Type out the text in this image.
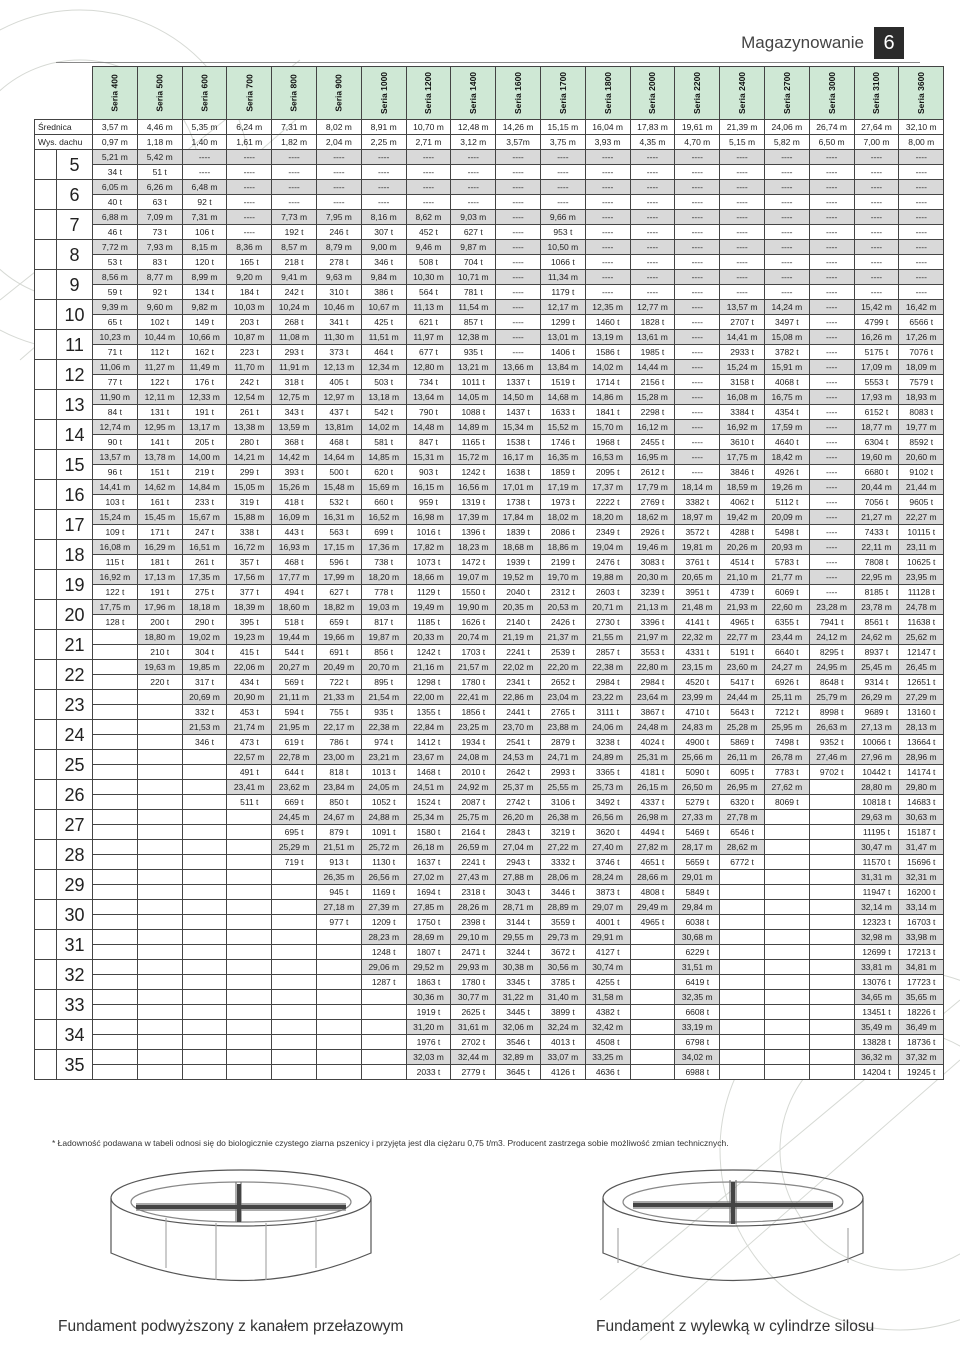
Magazynowanie 6
		Seria 400	Seria 500	Seria 600	Seria 700	Seria 800	Seria 900	Seria 1000	Seria 1200	Seria 1400	Seria 1600	Seria 1700	Seria 1800	Seria 2000	Seria 2200	Seria 2400	Seria 2700	Seria 3000	Seria 3100	Seria 3600
Średnica		3,57 m	4,46 m	5,35 m	6,24 m	7,31 m	8,02 m	8,91 m	10,70 m	12,48 m	14,26 m	15,15 m	16,04 m	17,83 m	19,61 m	21,39 m	24,06 m	26,74 m	27,64 m	32,10 m
Wys. dachu		0,97 m	1,18 m	1,40 m	1,61 m	1,82 m	2,04 m	2,25 m	2,71 m	3,12 m	3,57m	3,75 m	3,93 m	4,35 m	4,70 m	5,15 m	5,82 m	6,50 m	7,00 m	8,00 m
	5	5,21 m	5,42 m	----	----	----	----	----	----	----	----	----	----	----	----	----	----	----	----	----
		34 t	51 t	----	----	----	----	----	----	----	----	----	----	----	----	----	----	----	----	----
	6	6,05 m	6,26 m	6,48 m	----	----	----	----	----	----	----	----	----	----	----	----	----	----	----	----
		40 t	63 t	92 t	----	----	----	----	----	----	----	----	----	----	----	----	----	----	----	----
	7	6,88 m	7,09 m	7,31 m	----	7,73 m	7,95 m	8,16 m	8,62 m	9,03 m	----	9,66 m	----	----	----	----	----	----	----	----
		46 t	73 t	106 t	----	192 t	246 t	307 t	452 t	627 t	----	953 t	----	----	----	----	----	----	----	----
	8	7,72 m	7,93 m	8,15 m	8,36 m	8,57 m	8,79 m	9,00 m	9,46 m	9,87 m	----	10,50 m	----	----	----	----	----	----	----	----
		53 t	83 t	120 t	165 t	218 t	278 t	346 t	508 t	704 t	----	1066 t	----	----	----	----	----	----	----	----
	9	8,56 m	8,77 m	8,99 m	9,20 m	9,41 m	9,63 m	9,84 m	10,30 m	10,71 m	----	11,34 m	----	----	----	----	----	----	----	----
		59 t	92 t	134 t	184 t	242 t	310 t	386 t	564 t	781 t	----	1179 t	----	----	----	----	----	----	----	----
	10	9,39 m	9,60 m	9,82 m	10,03 m	10,24 m	10,46 m	10,67 m	11,13 m	11,54 m	----	12,17 m	12,35 m	12,77 m	----	13,57 m	14,24 m	----	15,42 m	16,42 m
		65 t	102 t	149 t	203 t	268 t	341 t	425 t	621 t	857 t	----	1299 t	1460 t	1828 t	----	2707 t	3497 t	----	4799 t	6566 t
	11	10,23 m	10,44 m	10,66 m	10,87 m	11,08 m	11,30 m	11,51 m	11,97 m	12,38 m	----	13,01 m	13,19 m	13,61 m	----	14,41 m	15,08 m	----	16,26 m	17,26 m
		71 t	112 t	162 t	223 t	293 t	373 t	464 t	677 t	935 t	----	1406 t	1586 t	1985 t	----	2933 t	3782 t	----	5175 t	7076 t
	12	11,06 m	11,27 m	11,49 m	11,70 m	11,91 m	12,13 m	12,34 m	12,80 m	13,21 m	13,66 m	13,84 m	14,02 m	14,44 m	----	15,24 m	15,91 m	----	17,09 m	18,09 m
		77 t	122 t	176 t	242 t	318 t	405 t	503 t	734 t	1011 t	1337 t	1519 t	1714 t	2156 t	----	3158 t	4068 t	----	5553 t	7579 t
	13	11,90 m	12,11 m	12,33 m	12,54 m	12,75 m	12,97 m	13,18 m	13,64 m	14,05 m	14,50 m	14,68 m	14,86 m	15,28 m	----	16,08 m	16,75 m	----	17,93 m	18,93 m
		84 t	131 t	191 t	261 t	343 t	437 t	542 t	790 t	1088 t	1437 t	1633 t	1841 t	2298 t	----	3384 t	4354 t	----	6152 t	8083 t
	14	12,74 m	12,95 m	13,17 m	13,38 m	13,59 m	13,81m	14,02 m	14,48 m	14,89 m	15,34 m	15,52 m	15,70 m	16,12 m	----	16,92 m	17,59 m	----	18,77 m	19,77 m
		90 t	141 t	205 t	280 t	368 t	468 t	581 t	847 t	1165 t	1538 t	1746 t	1968 t	2455 t	----	3610 t	4640 t	----	6304 t	8592 t
	15	13,57 m	13,78 m	14,00 m	14,21 m	14,42 m	14,64 m	14,85 m	15,31 m	15,72 m	16,17 m	16,35 m	16,53 m	16,95 m	----	17,75 m	18,42 m	----	19,60 m	20,60 m
		96 t	151 t	219 t	299 t	393 t	500 t	620 t	903 t	1242 t	1638 t	1859 t	2095 t	2612 t	----	3846 t	4926 t	----	6680 t	9102 t
	16	14,41 m	14,62 m	14,84 m	15,05 m	15,26 m	15,48 m	15,69 m	16,15 m	16,56 m	17,01 m	17,19 m	17,37 m	17,79 m	18,14 m	18,59 m	19,26 m	----	20,44 m	21,44 m
		103 t	161 t	233 t	319 t	418 t	532 t	660 t	959 t	1319 t	1738 t	1973 t	2222 t	2769 t	3382 t	4062 t	5112 t	----	7056 t	9605 t
	17	15,24 m	15,45 m	15,67 m	15,88 m	16,09 m	16,31 m	16,52 m	16,98 m	17,39 m	17,84 m	18,02 m	18,20 m	18,62 m	18,97 m	19,42 m	20,09 m	----	21,27 m	22,27 m
		109 t	171 t	247 t	338 t	443 t	563 t	699 t	1016 t	1396 t	1839 t	2086 t	2349 t	2926 t	3572 t	4288 t	5498 t	----	7433 t	10115 t
	18	16,08 m	16,29 m	16,51 m	16,72 m	16,93 m	17,15 m	17,36 m	17,82 m	18,23 m	18,68 m	18,86 m	19,04 m	19,46 m	19,81 m	20,26 m	20,93 m	----	22,11 m	23,11 m
		115 t	181 t	261 t	357 t	468 t	596 t	738 t	1073 t	1472 t	1939 t	2199 t	2476 t	3083 t	3761 t	4514 t	5783 t	----	7808 t	10625 t
	19	16,92 m	17,13 m	17,35 m	17,56 m	17,77 m	17,99 m	18,20 m	18,66 m	19,07 m	19,52 m	19,70 m	19,88 m	20,30 m	20,65 m	21,10 m	21,77 m	----	22,95 m	23,95 m
		122 t	191 t	275 t	377 t	494 t	627 t	778 t	1129 t	1550 t	2040 t	2312 t	2603 t	3239 t	3951 t	4739 t	6069 t	----	8185 t	11128 t
	20	17,75 m	17,96 m	18,18 m	18,39 m	18,60 m	18,82 m	19,03 m	19,49 m	19,90 m	20,35 m	20,53 m	20,71 m	21,13 m	21,48 m	21,93 m	22,60 m	23,28 m	23,78 m	24,78 m
		128 t	200 t	290 t	395 t	518 t	659 t	817 t	1185 t	1626 t	2140 t	2426 t	2730 t	3396 t	4141 t	4965 t	6355 t	7941 t	8561 t	11638 t
	21		18,80 m	19,02 m	19,23 m	19,44 m	19,66 m	19,87 m	20,33 m	20,74 m	21,19 m	21,37 m	21,55 m	21,97 m	22,32 m	22,77 m	23,44 m	24,12 m	24,62 m	25,62 m
			210 t	304 t	415 t	544 t	691 t	856 t	1242 t	1703 t	2241 t	2539 t	2857 t	3553 t	4331 t	5191 t	6640 t	8295 t	8937 t	12147 t
	22		19,63 m	19,85 m	22,06 m	20,27 m	20,49 m	20,70 m	21,16 m	21,57 m	22,02 m	22,20 m	22,38 m	22,80 m	23,15 m	23,60 m	24,27 m	24,95 m	25,45 m	26,45 m
			220 t	317 t	434 t	569 t	722 t	895 t	1298 t	1780 t	2341 t	2652 t	2984 t	2984 t	4520 t	5417 t	6926 t	8648 t	9314 t	12651 t
	23			20,69 m	20,90 m	21,11 m	21,33 m	21,54 m	22,00 m	22,41 m	22,86 m	23,04 m	23,22 m	23,64 m	23,99 m	24,44 m	25,11 m	25,79 m	26,29 m	27,29 m
				332 t	453 t	594 t	755 t	935 t	1355 t	1856 t	2441 t	2765 t	3111 t	3867 t	4710 t	5643 t	7212 t	8998 t	9689 t	13160 t
	24			21,53 m	21,74 m	21,95 m	22,17 m	22,38 m	22,84 m	23,25 m	23,70 m	23,88 m	24,06 m	24,48 m	24,83 m	25,28 m	25,95 m	26,63 m	27,13 m	28,13 m
				346 t	473 t	619 t	786 t	974 t	1412 t	1934 t	2541 t	2879 t	3238 t	4024 t	4900 t	5869 t	7498 t	9352 t	10066 t	13664 t
	25				22,57 m	22,78 m	23,00 m	23,21 m	23,67 m	24,08 m	24,53 m	24,71 m	24,89 m	25,31 m	25,66 m	26,11 m	26,78 m	27,46 m	27,96 m	28,96 m
					491 t	644 t	818 t	1013 t	1468 t	2010 t	2642 t	2993 t	3365 t	4181 t	5090 t	6095 t	7783 t	9702 t	10442 t	14174 t
	26				23,41 m	23,62 m	23,84 m	24,05 m	24,51 m	24,92 m	25,37 m	25,55 m	25,73 m	26,15 m	26,50 m	26,95 m	27,62 m		28,80 m	29,80 m
					511 t	669 t	850 t	1052 t	1524 t	2087 t	2742 t	3106 t	3492 t	4337 t	5279 t	6320 t	8069 t		10818 t	14683 t
	27					24,45 m	24,67 m	24,88 m	25,34 m	25,75 m	26,20 m	26,38 m	26,56 m	26,98 m	27,33 m	27,78 m			29,63 m	30,63 m
						695 t	879 t	1091 t	1580 t	2164 t	2843 t	3219 t	3620 t	4494 t	5469 t	6546 t			11195 t	15187 t
	28					25,29 m	21,51 m	25,72 m	26,18 m	26,59 m	27,04 m	27,22 m	27,40 m	27,82 m	28,17 m	28,62 m			30,47 m	31,47 m
						719 t	913 t	1130 t	1637 t	2241 t	2943 t	3332 t	3746 t	4651 t	5659 t	6772 t			11570 t	15696 t
	29						26,35 m	26,56 m	27,02 m	27,43 m	27,88 m	28,06 m	28,24 m	28,66 m	29,01 m				31,31 m	32,31 m
							945 t	1169 t	1694 t	2318 t	3043 t	3446 t	3873 t	4808 t	5849 t				11947 t	16200 t
	30						27,18 m	27,39 m	27,85 m	28,26 m	28,71 m	28,89 m	29,07 m	29,49 m	29,84 m				32,14 m	33,14 m
							977 t	1209 t	1750 t	2398 t	3144 t	3559 t	4001 t	4965 t	6038 t				12323 t	16703 t
	31							28,23 m	28,69 m	29,10 m	29,55 m	29,73 m	29,91 m		30,68 m				32,98 m	33,98 m
								1248 t	1807 t	2471 t	3244 t	3672 t	4127 t		6229 t				12699 t	17213 t
	32							29,06 m	29,52 m	29,93 m	30,38 m	30,56 m	30,74 m		31,51 m				33,81 m	34,81 m
								1287 t	1863 t	1780 t	3345 t	3785 t	4255 t		6419 t				13076 t	17723 t
	33								30,36 m	30,77 m	31,22 m	31,40 m	31,58 m		32,35 m				34,65 m	35,65 m
									1919 t	2625 t	3445 t	3899 t	4382 t		6608 t				13451 t	18226 t
	34								31,20 m	31,61 m	32,06 m	32,24 m	32,42 m		33,19 m				35,49 m	36,49 m
									1976 t	2702 t	3546 t	4013 t	4508 t		6798 t				13828 t	18736 t
	35								32,03 m	32,44 m	32,89 m	33,07 m	33,25 m		34,02 m				36,32 m	37,32 m
									2033 t	2779 t	3645 t	4126 t	4636 t		6988 t				14204 t	19245 t
* Ładowność podawana w tabeli odnosi się do biologicznie czystego ziarna pszenicy i przyjęta jest dla ciężaru 0,75 t/m3. Producent zastrzega sobie możliwość zmian technicznych.
Fundament podwyższony z kanałem przełazowym	Fundament z wylewką w cylindrze silosu
